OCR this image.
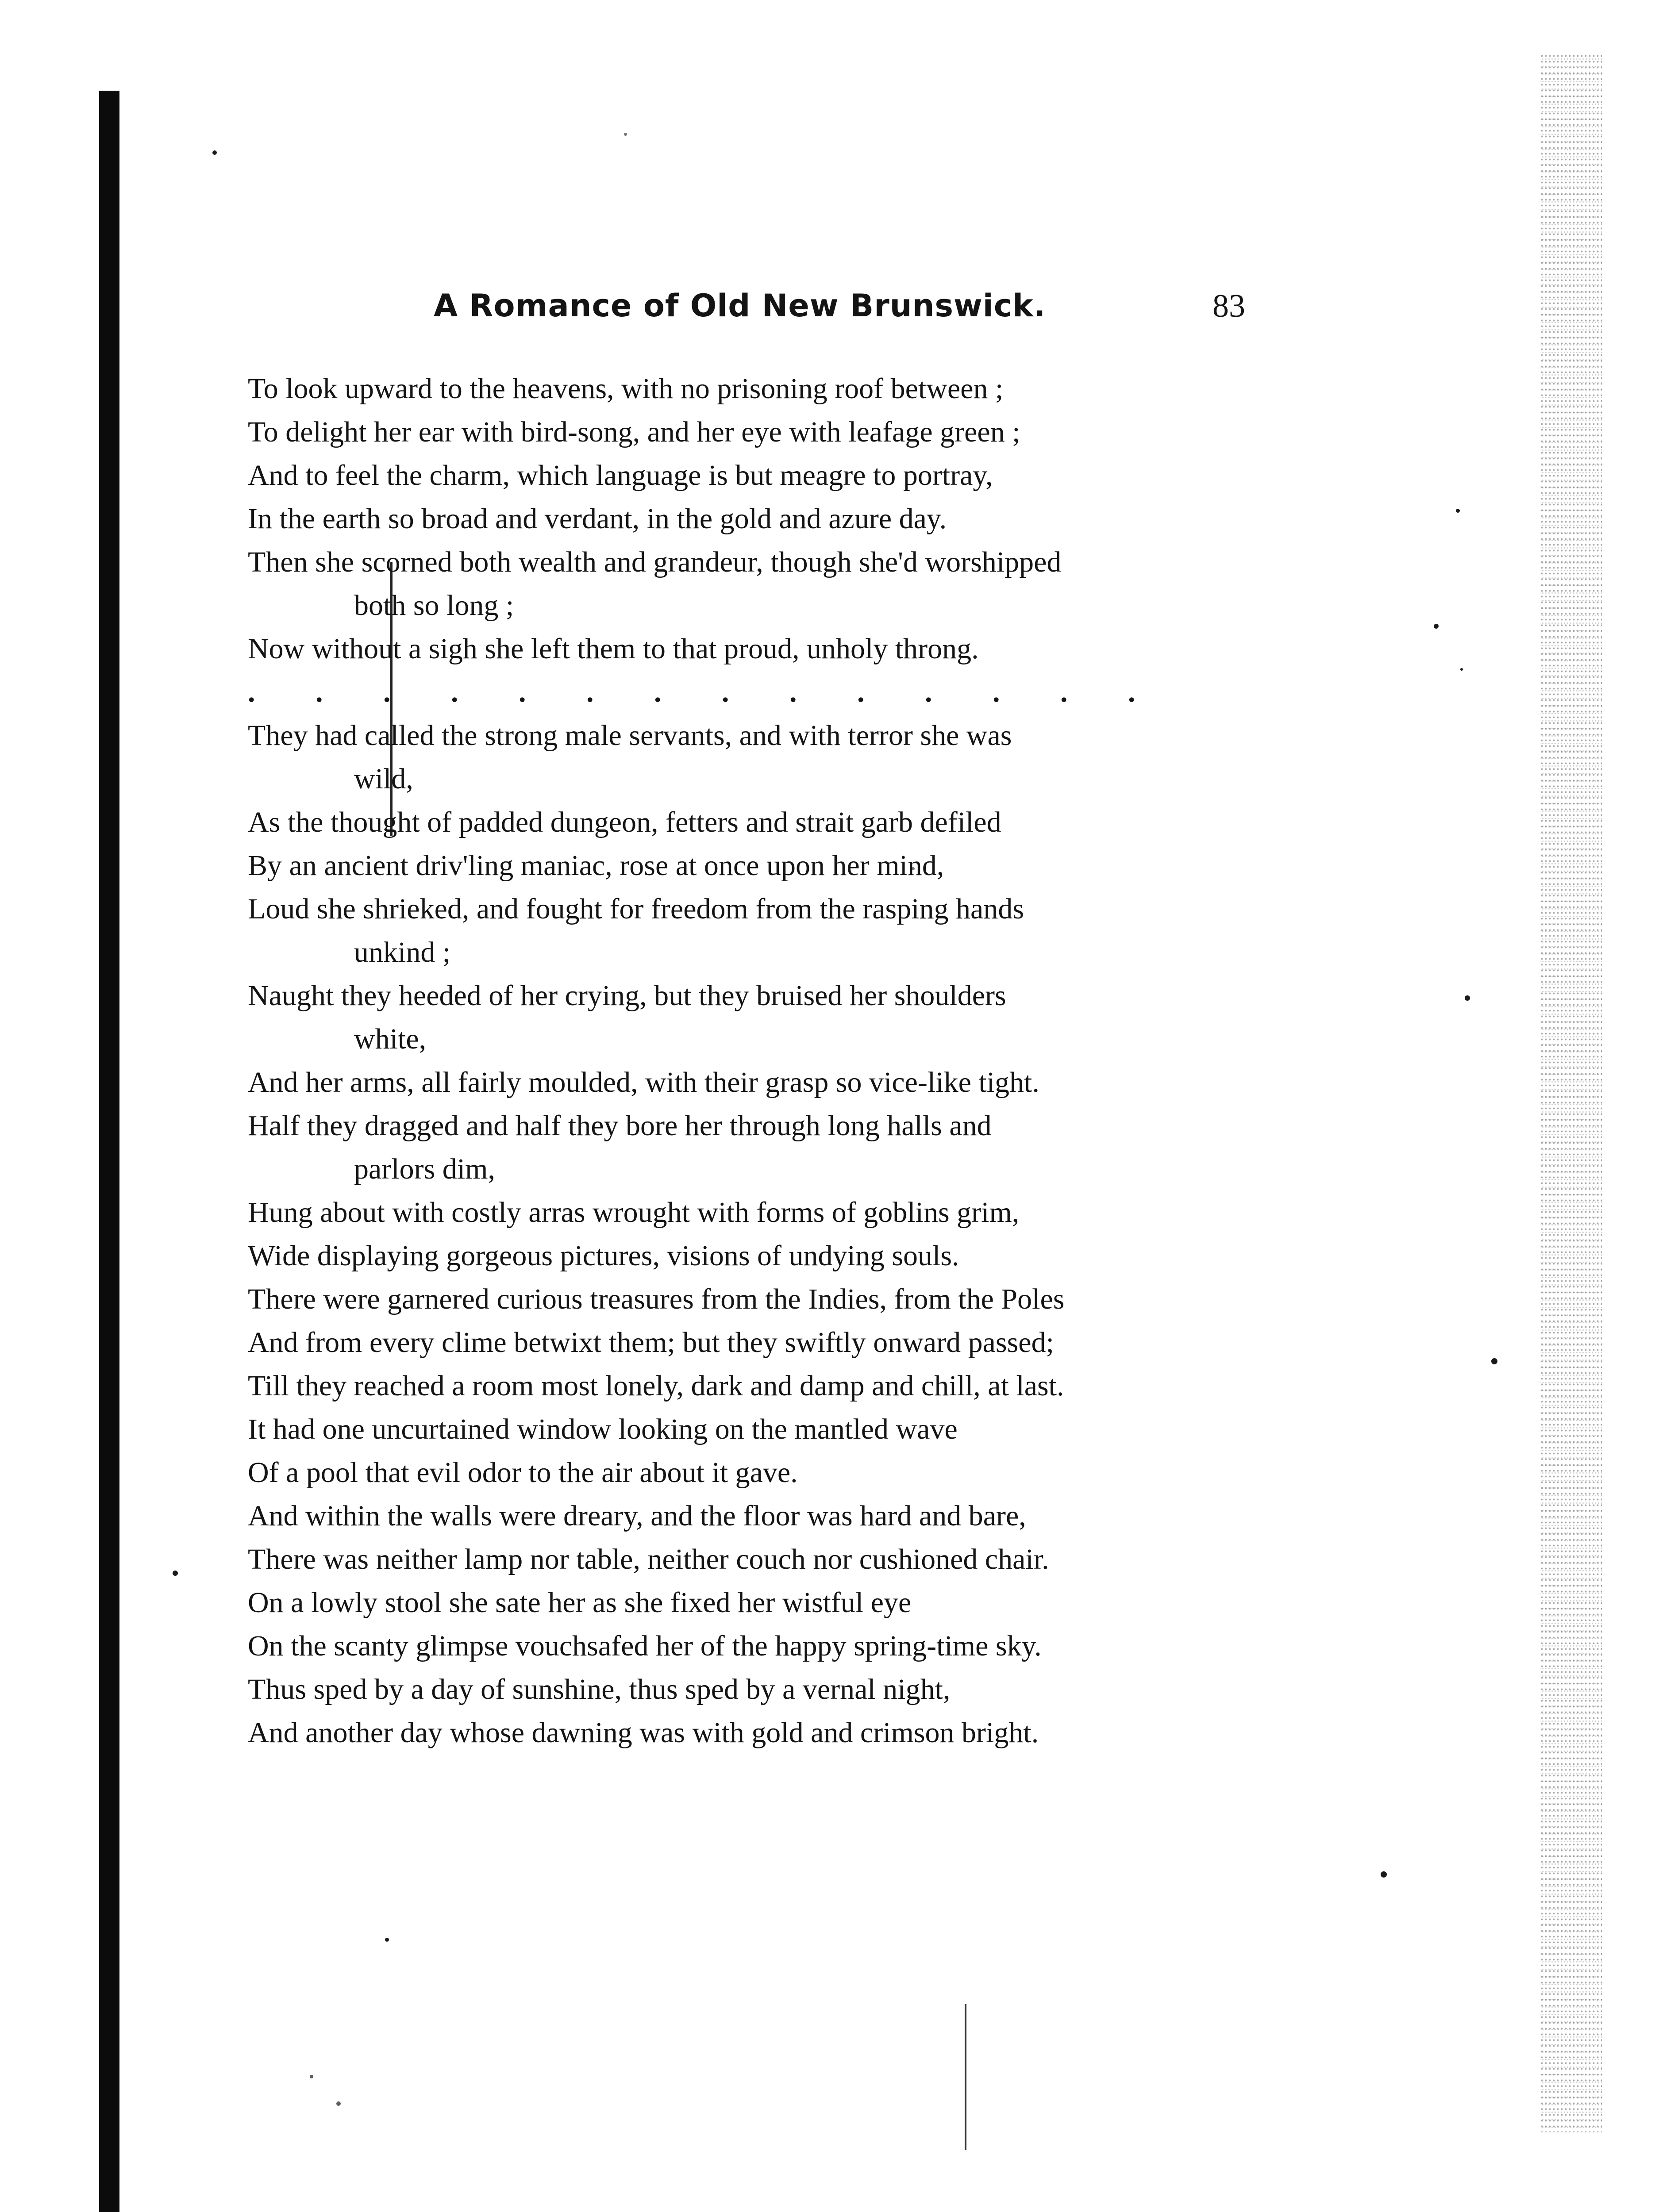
A Romance of Old New Brunswick.	83
To look upward to the heavens, with no prisoning roof between ;
To delight her ear with bird-song, and her eye with leafage green ;
And to feel the charm, which language is but meagre to portray,
In the earth so broad and verdant, in the gold and azure day.
Then she scorned both wealth and grandeur, though she'd worshipped
both so long ;
Now without a sigh she left them to that proud, unholy throng.
. . . . . . . . . . . . . .
They had called the strong male servants, and with terror she was
wild,
As the thought of padded dungeon, fetters and strait garb defiled
By an ancient driv'ling maniac, rose at once upon her mind,
Loud she shrieked, and fought for freedom from the rasping hands
unkind ;
Naught they heeded of her crying, but they bruised her shoulders
white,
And her arms, all fairly moulded, with their grasp so vice-like tight.
Half they dragged and half they bore her through long halls and
parlors dim,
Hung about with costly arras wrought with forms of goblins grim,
Wide displaying gorgeous pictures, visions of undying souls.
There were garnered curious treasures from the Indies, from the Poles
And from every clime betwixt them; but they swiftly onward passed;
Till they reached a room most lonely, dark and damp and chill, at last.
It had one uncurtained window looking on the mantled wave
Of a pool that evil odor to the air about it gave.
And within the walls were dreary, and the floor was hard and bare,
There was neither lamp nor table, neither couch nor cushioned chair.
On a lowly stool she sate her as she fixed her wistful eye
On the scanty glimpse vouchsafed her of the happy spring-time sky.
Thus sped by a day of sunshine, thus sped by a vernal night,
And another day whose dawning was with gold and crimson bright.
